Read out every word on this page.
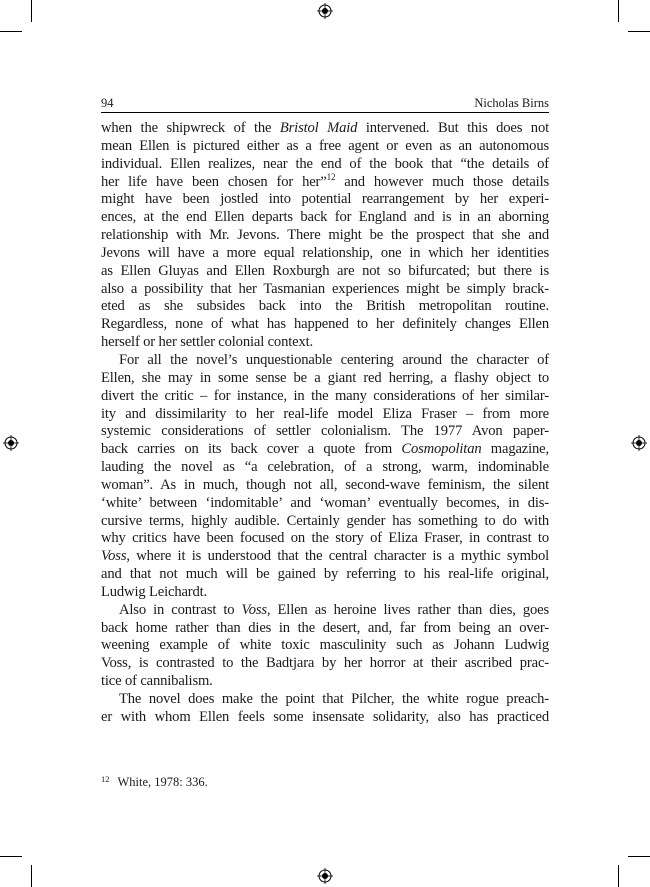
94	Nicholas Birns

when the shipwreck of the Bristol Maid intervened. But this does not
mean Ellen is pictured either as a free agent or even as an autonomous
individual. Ellen realizes, near the end of the book that “the details of
her life have been chosen for her”$^{12}$ and however much those details
might have been jostled into potential rearrangement by her experi-
ences, at the end Ellen departs back for England and is in an aborning
relationship with Mr. Jevons. There might be the prospect that she and
Jevons will have a more equal relationship, one in which her identities
as Ellen Gluyas and Ellen Roxburgh are not so bifurcated; but there is
also a possibility that her Tasmanian experiences might be simply brack-
eted as she subsides back into the British metropolitan routine.
Regardless, none of what has happened to her definitely changes Ellen
herself or her settler colonial context.

For all the novel’s unquestionable centering around the character of
Ellen, she may in some sense be a giant red herring, a flashy object to
divert the critic – for instance, in the many considerations of her similar-
ity and dissimilarity to her real-life model Eliza Fraser – from more
systemic considerations of settler colonialism. The 1977 Avon paper-
back carries on its back cover a quote from Cosmopolitan magazine,
lauding the novel as “a celebration, of a strong, warm, indominable
woman”. As in much, though not all, second-wave feminism, the silent
‘white’ between ‘indomitable’ and ‘woman’ eventually becomes, in dis-
cursive terms, highly audible. Certainly gender has something to do with
why critics have been focused on the story of Eliza Fraser, in contrast to
Voss, where it is understood that the central character is a mythic symbol
and that not much will be gained by referring to his real-life original,
Ludwig Leichardt.

Also in contrast to Voss, Ellen as heroine lives rather than dies, goes
back home rather than dies in the desert, and, far from being an over-
weening example of white toxic masculinity such as Johann Ludwig
Voss, is contrasted to the Badtjara by her horror at their ascribed prac-
tice of cannibalism.

The novel does make the point that Pilcher, the white rogue preach-
er with whom Ellen feels some insensate solidarity, also has practiced

$^{12}$ White, 1978: 336.
